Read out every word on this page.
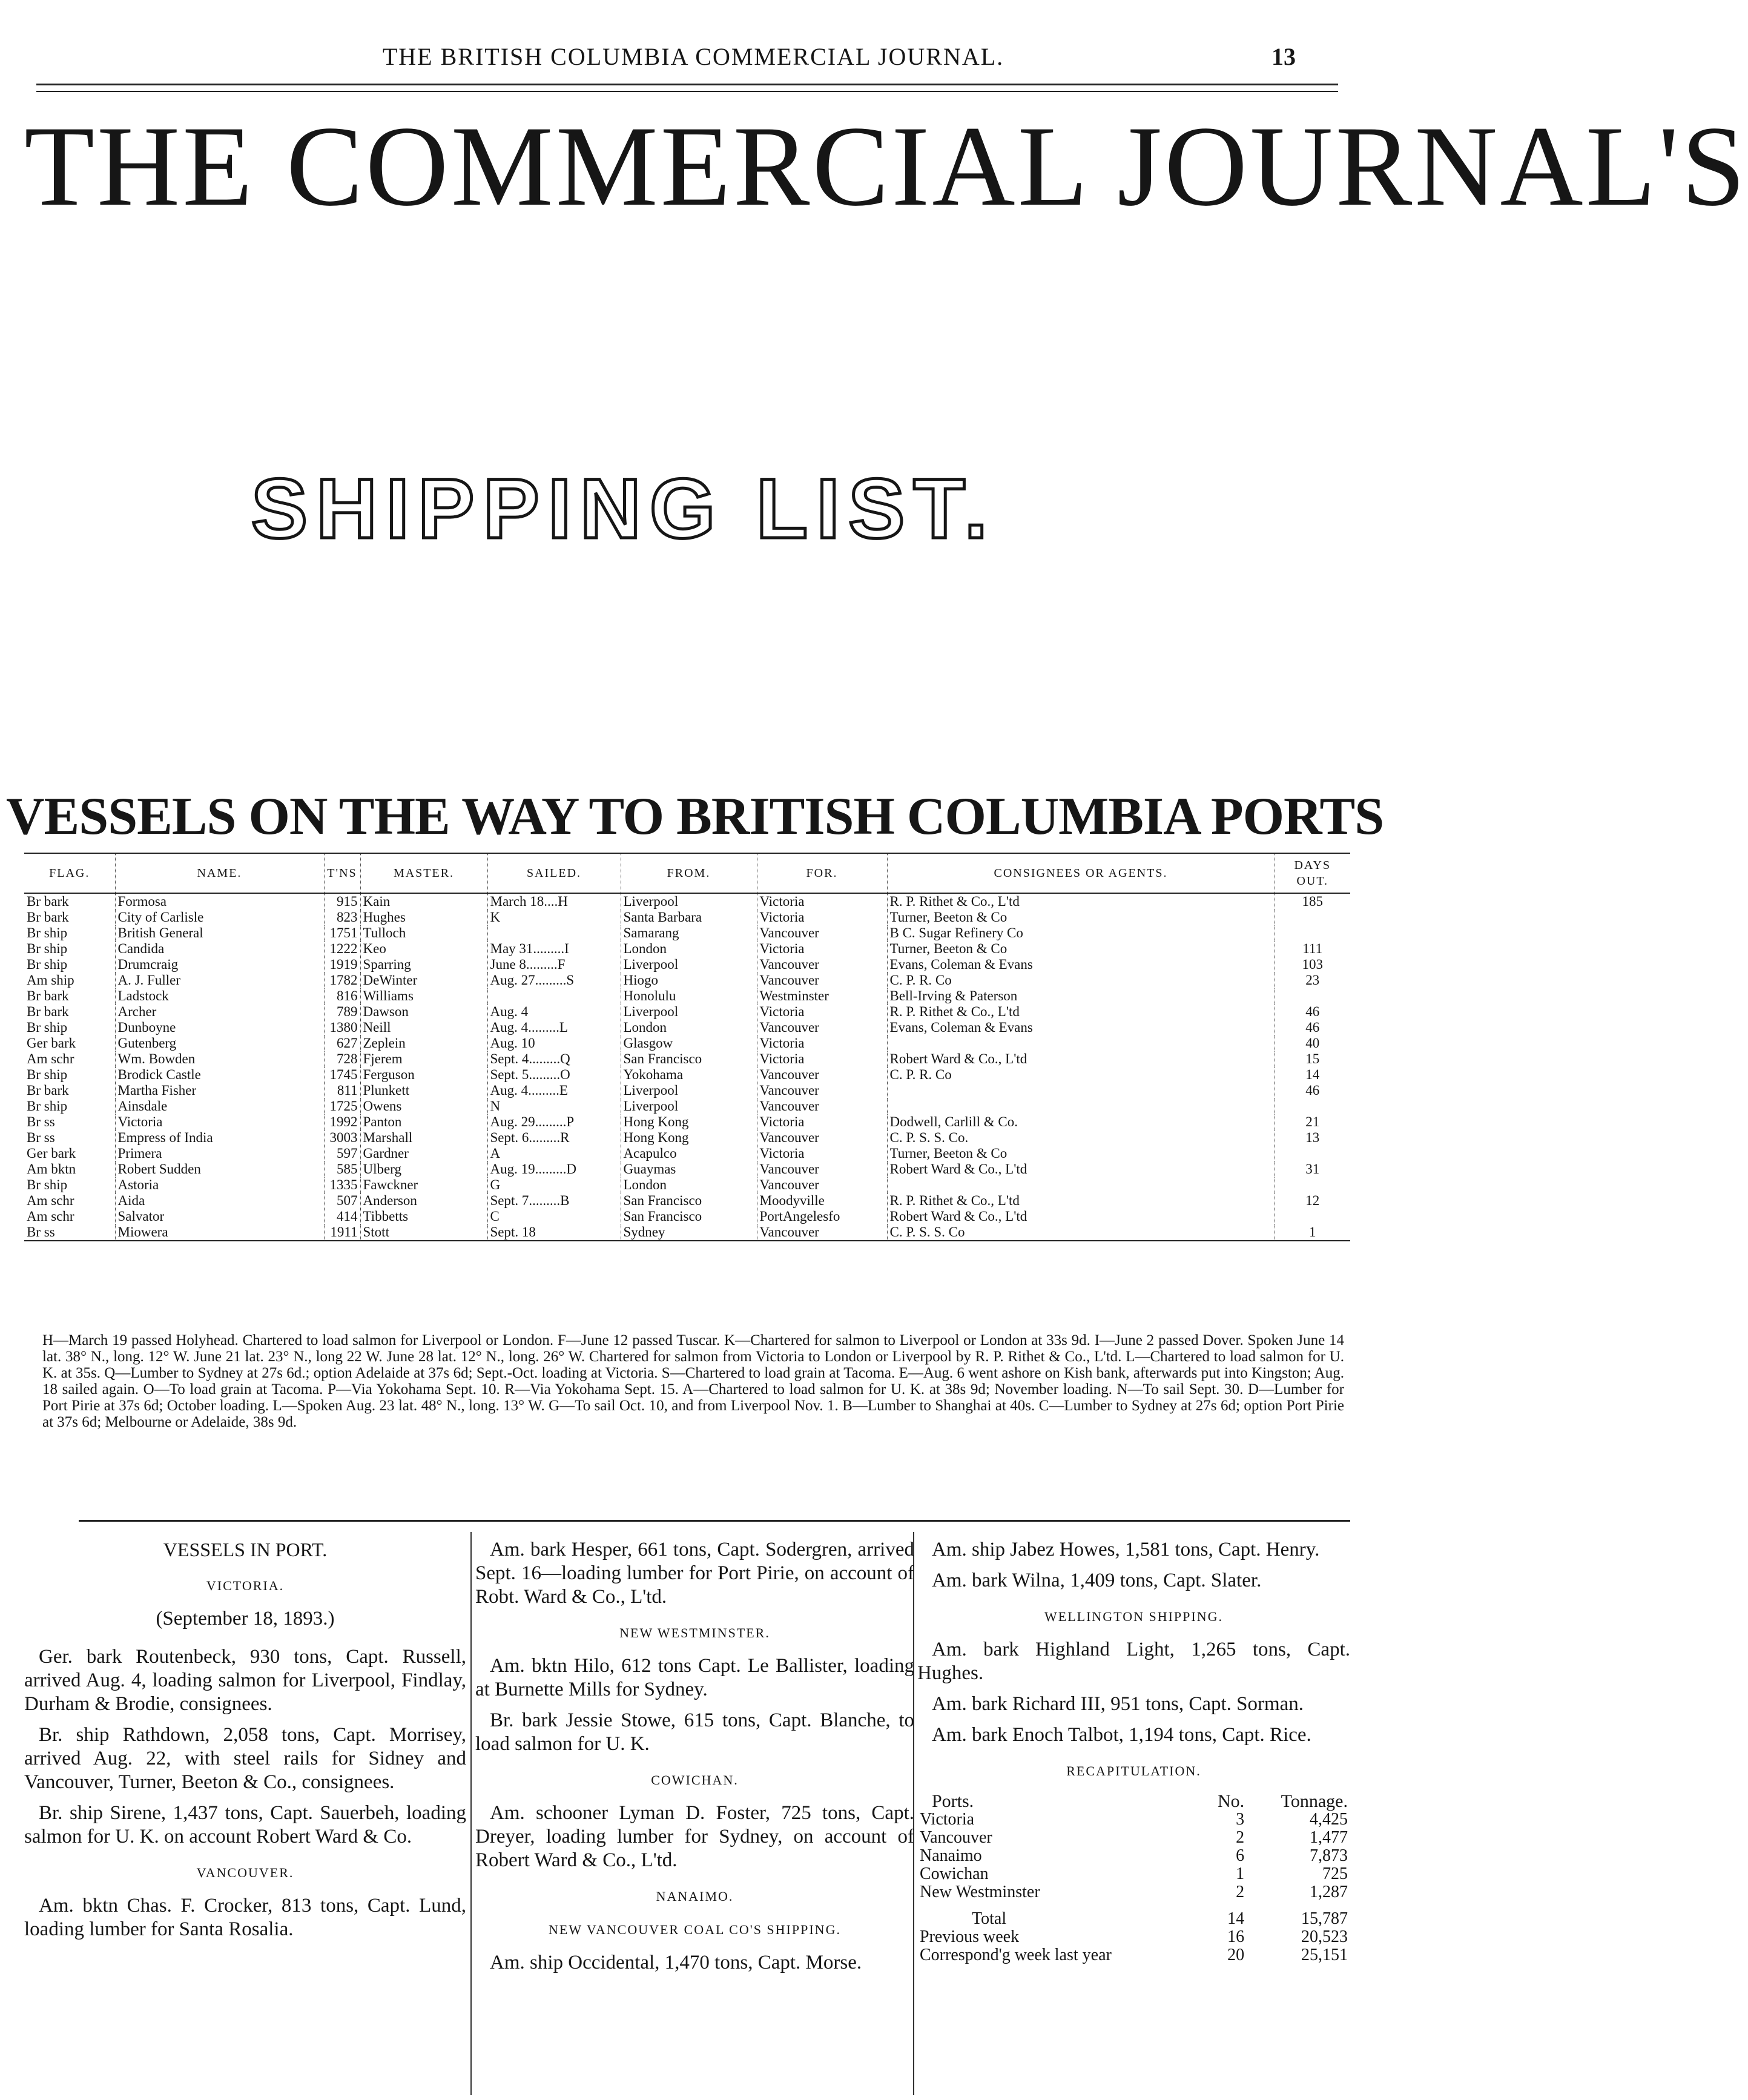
THE BRITISH COLUMBIA COMMERCIAL JOURNAL.	13
THE COMMERCIAL JOURNAL'S
SHIPPING LIST.
VESSELS ON THE WAY TO BRITISH COLUMBIA PORTS
FLAG.	NAME.	T'NS	MASTER.	SAILED.	FROM.	FOR.	CONSIGNEES OR AGENTS.	DAYS OUT.
Br bark	Formosa	915	Kain	March 18....H	Liverpool	Victoria	R. P. Rithet & Co., L'td	185
Br bark	City of Carlisle	823	Hughes	K	Santa Barbara	Victoria	Turner, Beeton & Co	
Br ship	British General	1751	Tulloch		Samarang	Vancouver	B C. Sugar Refinery Co	
Br ship	Candida	1222	Keo	May 31.........I	London	Victoria	Turner, Beeton & Co	111
Br ship	Drumcraig	1919	Sparring	June 8.........F	Liverpool	Vancouver	Evans, Coleman & Evans	103
Am ship	A. J. Fuller	1782	DeWinter	Aug. 27.........S	Hiogo	Vancouver	C. P. R. Co	23
Br bark	Ladstock	816	Williams		Honolulu	Westminster	Bell-Irving & Paterson	
Br bark	Archer	789	Dawson	Aug. 4	Liverpool	Victoria	R. P. Rithet & Co., L'td	46
Br ship	Dunboyne	1380	Neill	Aug. 4.........L	London	Vancouver	Evans, Coleman & Evans	46
Ger bark	Gutenberg	627	Zeplein	Aug. 10	Glasgow	Victoria		40
Am schr	Wm. Bowden	728	Fjerem	Sept. 4.........Q	San Francisco	Victoria	Robert Ward & Co., L'td	15
Br ship	Brodick Castle	1745	Ferguson	Sept. 5.........O	Yokohama	Vancouver	C. P. R. Co	14
Br bark	Martha Fisher	811	Plunkett	Aug. 4.........E	Liverpool	Vancouver		46
Br ship	Ainsdale	1725	Owens	N	Liverpool	Vancouver		
Br ss	Victoria	1992	Panton	Aug. 29.........P	Hong Kong	Victoria	Dodwell, Carlill & Co.	21
Br ss	Empress of India	3003	Marshall	Sept. 6.........R	Hong Kong	Vancouver	C. P. S. S. Co.	13
Ger bark	Primera	597	Gardner	A	Acapulco	Victoria	Turner, Beeton & Co	
Am bktn	Robert Sudden	585	Ulberg	Aug. 19.........D	Guaymas	Vancouver	Robert Ward & Co., L'td	31
Br ship	Astoria	1335	Fawckner	G	London	Vancouver		
Am schr	Aida	507	Anderson	Sept. 7.........B	San Francisco	Moodyville	R. P. Rithet & Co., L'td	12
Am schr	Salvator	414	Tibbetts	C	San Francisco	PortAngelesfo	Robert Ward & Co., L'td	
Br ss	Miowera	1911	Stott	Sept. 18	Sydney	Vancouver	C. P. S. S. Co	1
H—March 19 passed Holyhead. Chartered to load salmon for Liverpool or London. F—June 12 passed Tuscar. K—Chartered for salmon to Liverpool or London at 33s 9d. I—June 2 passed Dover. Spoken June 14 lat. 38° N., long. 12° W. June 21 lat. 23° N., long 22 W. June 28 lat. 12° N., long. 26° W. Chartered for salmon from Victoria to London or Liverpool by R. P. Rithet & Co., L'td. L—Chartered to load salmon for U. K. at 35s. Q—Lumber to Sydney at 27s 6d.; option Adelaide at 37s 6d; Sept.-Oct. loading at Victoria. S—Chartered to load grain at Tacoma. E—Aug. 6 went ashore on Kish bank, afterwards put into Kingston; Aug. 18 sailed again. O—To load grain at Tacoma. P—Via Yokohama Sept. 10. R—Via Yokohama Sept. 15. A—Chartered to load salmon for U. K. at 38s 9d; November loading. N—To sail Sept. 30. D—Lumber for Port Pirie at 37s 6d; October loading. L—Spoken Aug. 23 lat. 48° N., long. 13° W. G—To sail Oct. 10, and from Liverpool Nov. 1. B—Lumber to Shanghai at 40s. C—Lumber to Sydney at 27s 6d; option Port Pirie at 37s 6d; Melbourne or Adelaide, 38s 9d.
VESSELS IN PORT.
VICTORIA.
(September 18, 1893.)

Ger. bark Routenbeck, 930 tons, Capt. Russell, arrived Aug. 4, loading salmon for Liverpool, Findlay, Durham & Brodie, consignees.

Br. ship Rathdown, 2,058 tons, Capt. Morrisey, arrived Aug. 22, with steel rails for Sidney and Vancouver, Turner, Beeton & Co., consignees.

Br. ship Sirene, 1,437 tons, Capt. Sauerbeh, loading salmon for U. K. on account Robert Ward & Co.

VANCOUVER.

Am. bktn Chas. F. Crocker, 813 tons, Capt. Lund, loading lumber for Santa Rosalia.

Am. bark Hesper, 661 tons, Capt. Sodergren, arrived Sept. 16—loading lumber for Port Pirie, on account of Robt. Ward & Co., L'td.

NEW WESTMINSTER.

Am. bktn Hilo, 612 tons Capt. Le Ballister, loading at Burnette Mills for Sydney.

Br. bark Jessie Stowe, 615 tons, Capt. Blanche, to load salmon for U. K.

COWICHAN.

Am. schooner Lyman D. Foster, 725 tons, Capt. Dreyer, loading lumber for Sydney, on account of Robert Ward & Co., L'td.

NANAIMO.
NEW VANCOUVER COAL CO'S SHIPPING.

Am. ship Occidental, 1,470 tons, Capt. Morse.

Am. ship Jabez Howes, 1,581 tons, Capt. Henry.

Am. bark Wilna, 1,409 tons, Capt. Slater.

WELLINGTON SHIPPING.

Am. bark Highland Light, 1,265 tons, Capt. Hughes.

Am. bark Richard III, 951 tons, Capt. Sorman.

Am. bark Enoch Talbot, 1,194 tons, Capt. Rice.

RECAPITULATION.
Ports.	No.	Tonnage.
Victoria	3	4,425
Vancouver	2	1,477
Nanaimo	6	7,873
Cowichan	1	725
New Westminster	2	1,287
Total	14	15,787
Previous week	16	20,523
Correspond'g week last year	20	25,151
